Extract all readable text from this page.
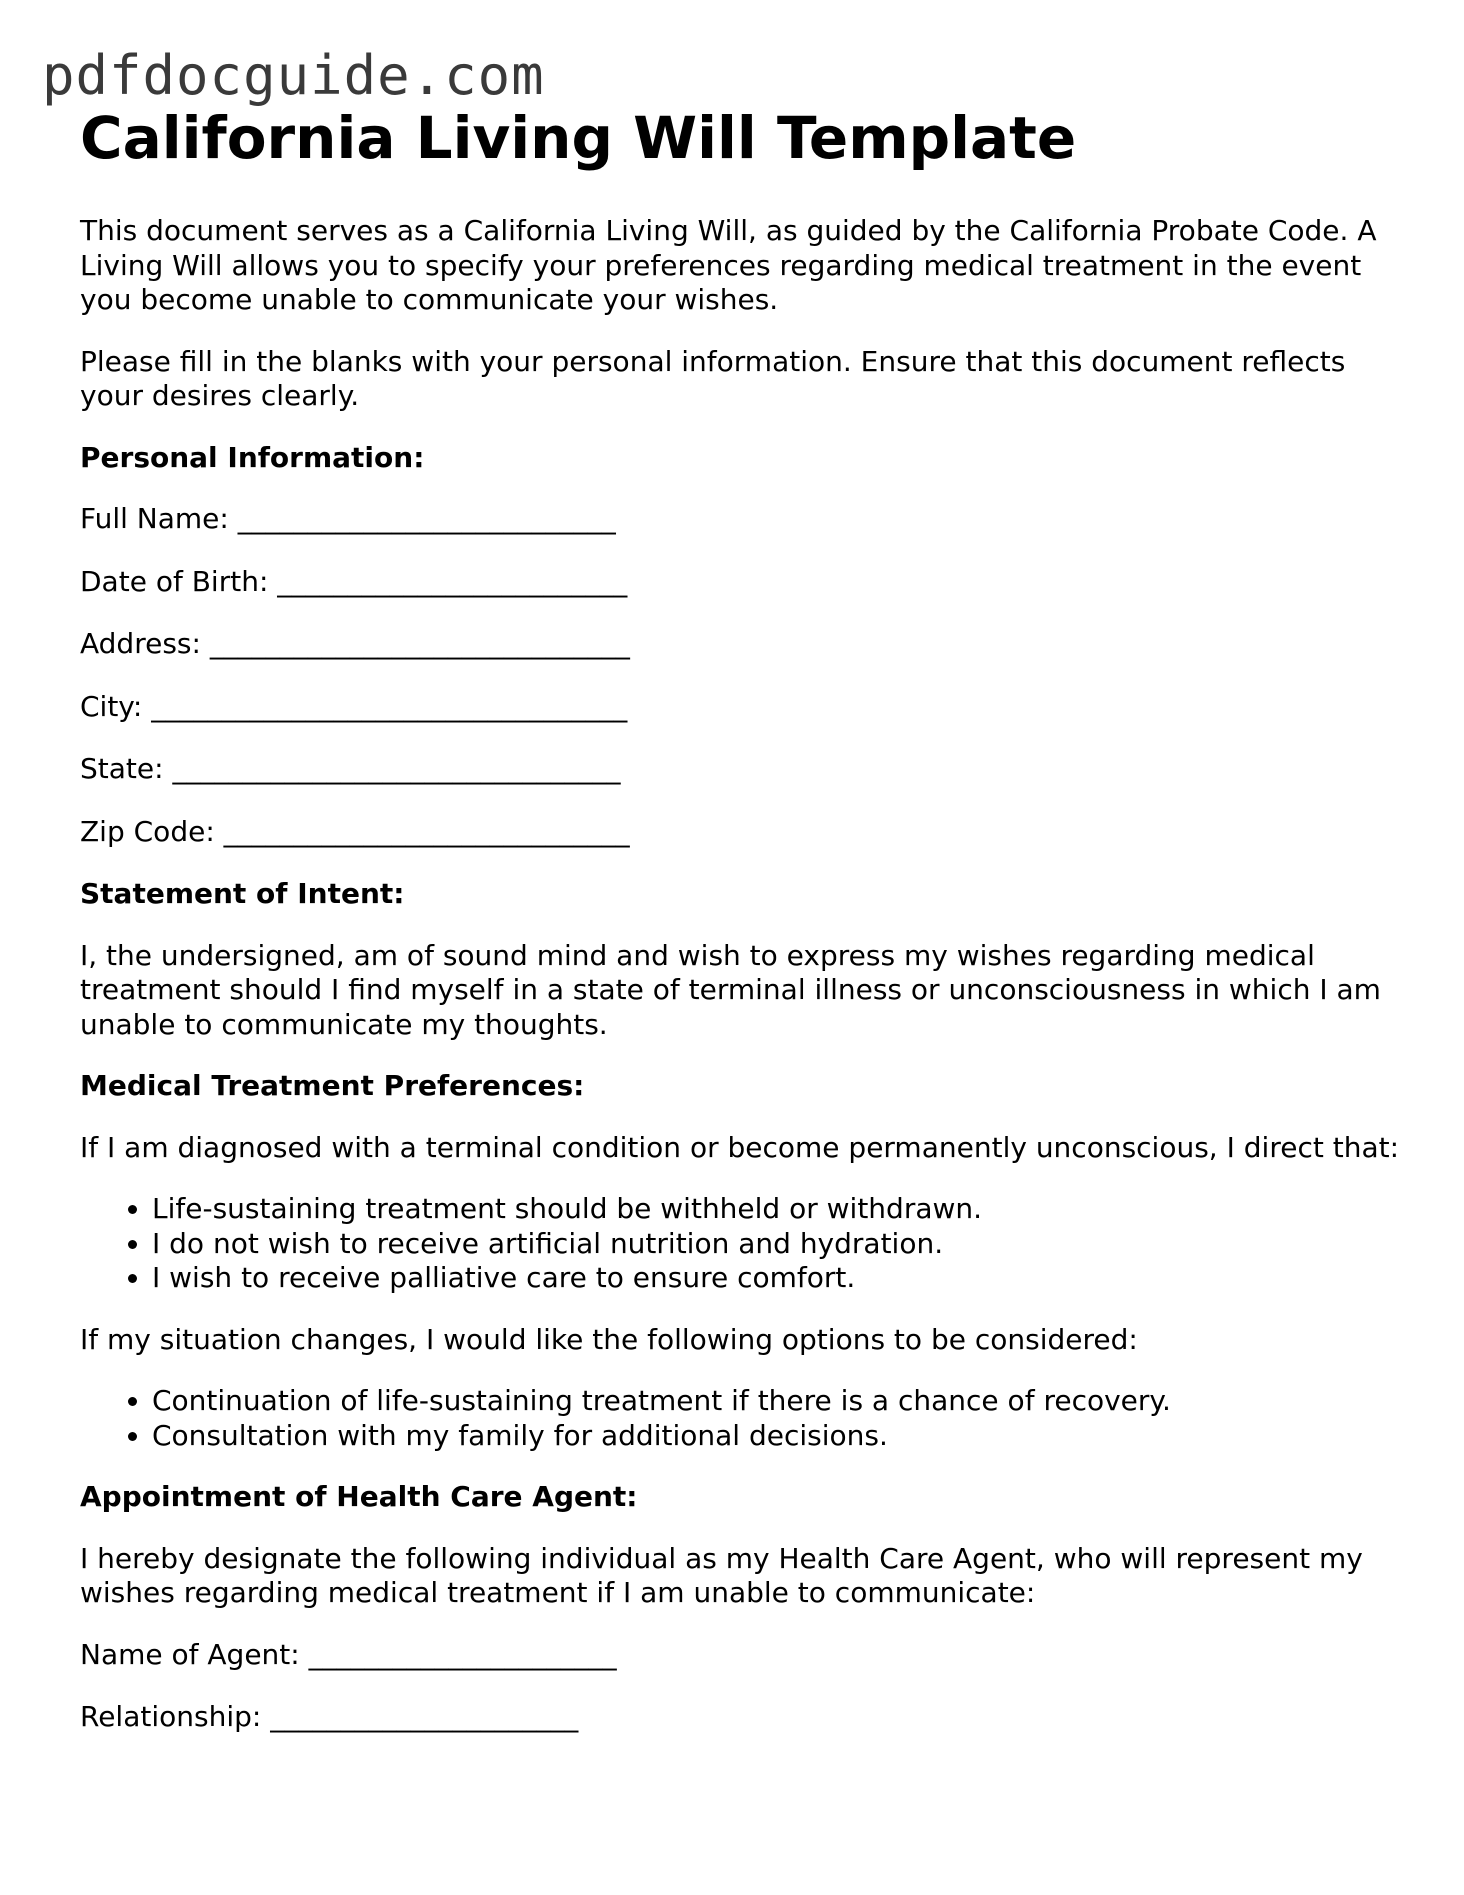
pdfdocguide.com
California Living Will Template

This document serves as a California Living Will, as guided by the California Probate Code. A Living Will allows you to specify your preferences regarding medical treatment in the event you become unable to communicate your wishes.

Please fill in the blanks with your personal information. Ensure that this document reflects your desires clearly.

Personal Information:

Full Name: ___________________________

Date of Birth: _________________________

Address: ______________________________

City: __________________________________

State: ________________________________

Zip Code: _____________________________

Statement of Intent:

I, the undersigned, am of sound mind and wish to express my wishes regarding medical treatment should I find myself in a state of terminal illness or unconsciousness in which I am unable to communicate my thoughts.

Medical Treatment Preferences:

If I am diagnosed with a terminal condition or become permanently unconscious, I direct that:

• Life-sustaining treatment should be withheld or withdrawn.
• I do not wish to receive artificial nutrition and hydration.
• I wish to receive palliative care to ensure comfort.

If my situation changes, I would like the following options to be considered:

• Continuation of life-sustaining treatment if there is a chance of recovery.
• Consultation with my family for additional decisions.

Appointment of Health Care Agent:

I hereby designate the following individual as my Health Care Agent, who will represent my wishes regarding medical treatment if I am unable to communicate:

Name of Agent: ______________________

Relationship: ______________________
